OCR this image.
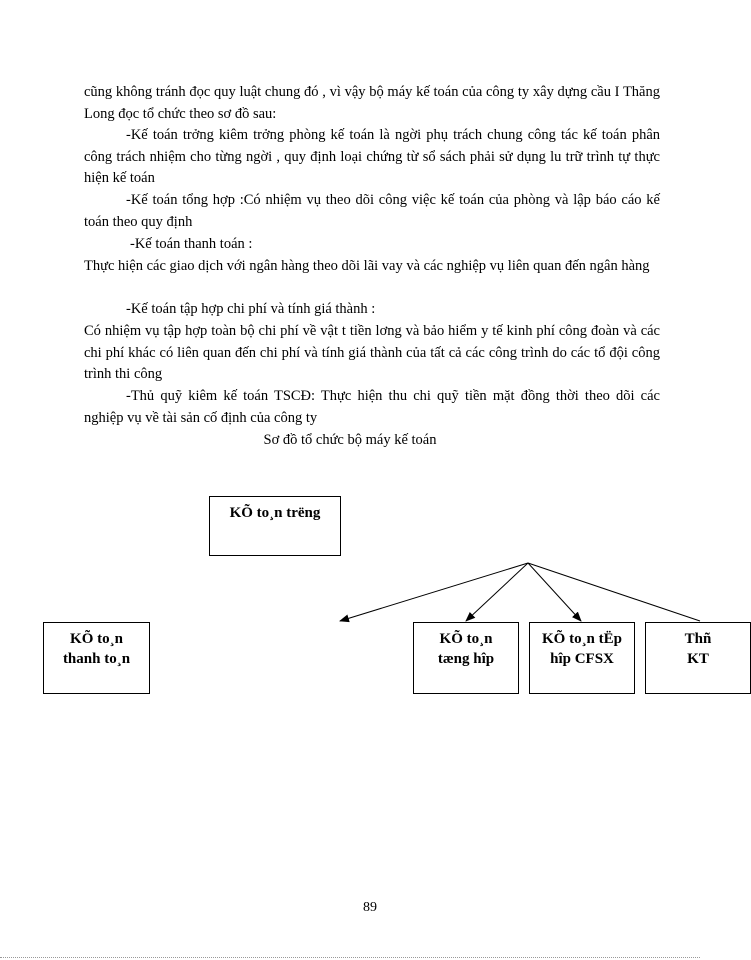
cũng không tránh đọc quy luật chung đó , vì vậy bộ máy kế toán của công ty xây dựng cầu I Thăng Long đọc tổ chức theo sơ đồ sau:

-Kế toán trởng kiêm trởng phòng kế toán là ngời phụ trách chung công tác kế toán phân công trách nhiệm cho từng ngời , quy định loại chứng từ sổ sách phải sử dụng lu trữ trình tự thực hiện kế toán

-Kế toán tổng hợp :Có nhiệm vụ theo dõi công việc kế toán của phòng và lập báo cáo kế toán theo quy định

-Kế toán thanh toán :

Thực hiện các giao dịch với ngân hàng theo dõi lãi vay và các nghiệp vụ liên quan đến ngân hàng

-Kế toán tập hợp chi phí và tính giá thành :

Có nhiệm vụ tập hợp toàn bộ chi phí về vật t tiền lơng và bảo hiểm y tế kinh phí công đoàn và các chi phí khác có liên quan đến chi phí và tính giá thành của tất cả các công trình do các tổ đội công trình thi công

-Thủ quỹ kiêm kế toán TSCĐ: Thực hiện thu chi quỹ tiền mặt đồng thời theo dõi các nghiệp vụ về tài sản cố định của công ty

Sơ đồ tổ chức bộ máy kế toán
KÕ to¸n trëng
KÕ to¸n
thanh to¸n
KÕ to¸n
tæng hîp
KÕ to¸n tËp
hîp CFSX
Thñ
KT
89
